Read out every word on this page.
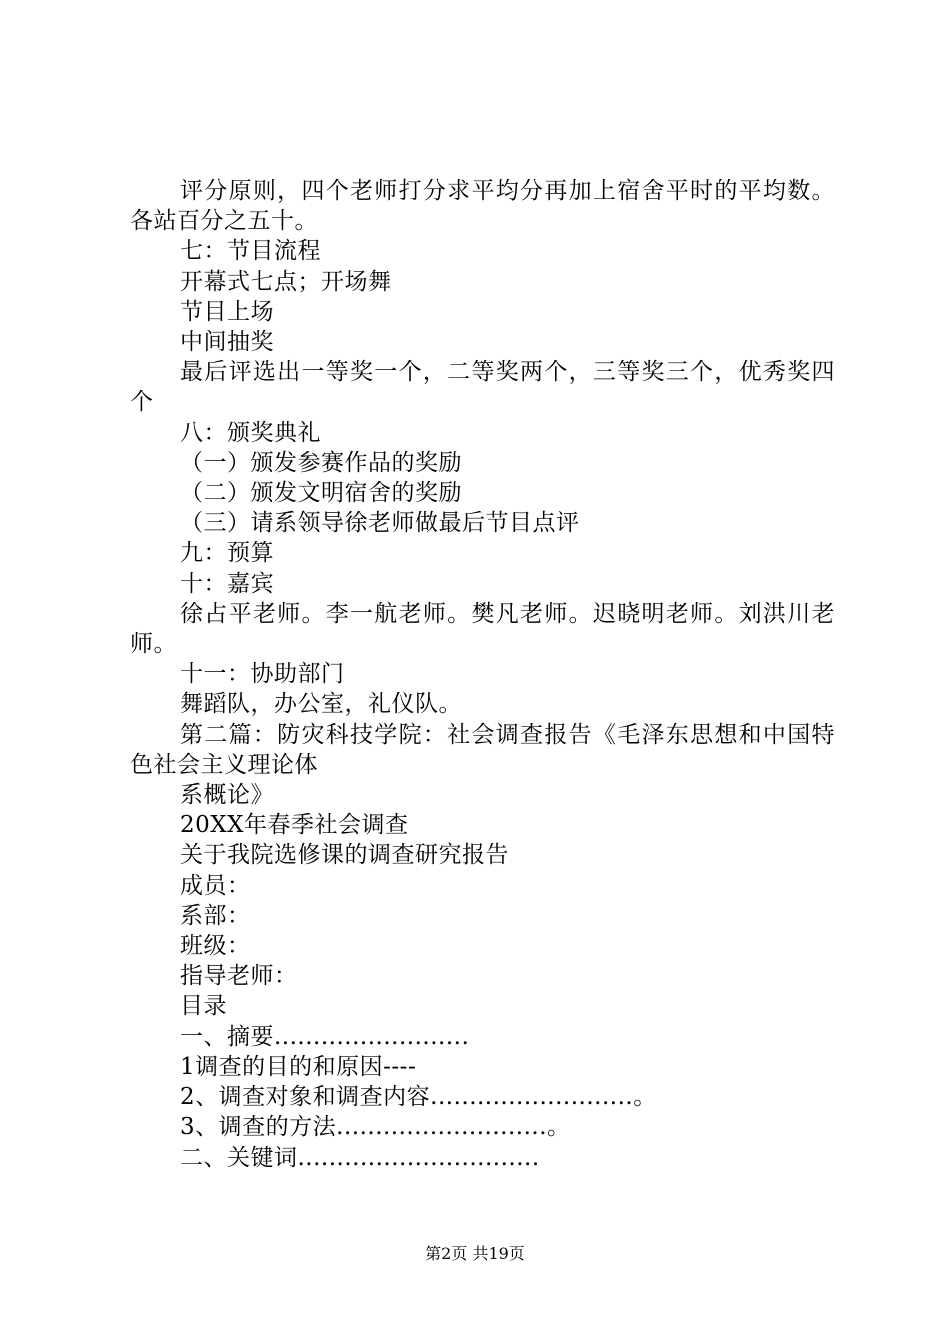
评分原则，四个老师打分求平均分再加上宿舍平时的平均数。各站百分之五十。

七：节目流程

开幕式七点；开场舞

节目上场

中间抽奖

最后评选出一等奖一个，二等奖两个，三等奖三个，优秀奖四个

八：颁奖典礼

（一）颁发参赛作品的奖励

（二）颁发文明宿舍的奖励

（三）请系领导徐老师做最后节目点评

九：预算

十：嘉宾

徐占平老师。李一航老师。樊凡老师。迟晓明老师。刘洪川老师。

十一：协助部门

舞蹈队，办公室，礼仪队。

第二篇：防灾科技学院：社会调查报告《毛泽东思想和中国特色社会主义理论体

系概论》

20XX年春季社会调查

关于我院选修课的调查研究报告

成员：

系部：

班级：

指导老师：

目录

一、摘要.........................

1调查的目的和原因----

2、调查对象和调查内容..........................。

3、调查的方法...........................。

二、关键词...............................

第2页 共19页
